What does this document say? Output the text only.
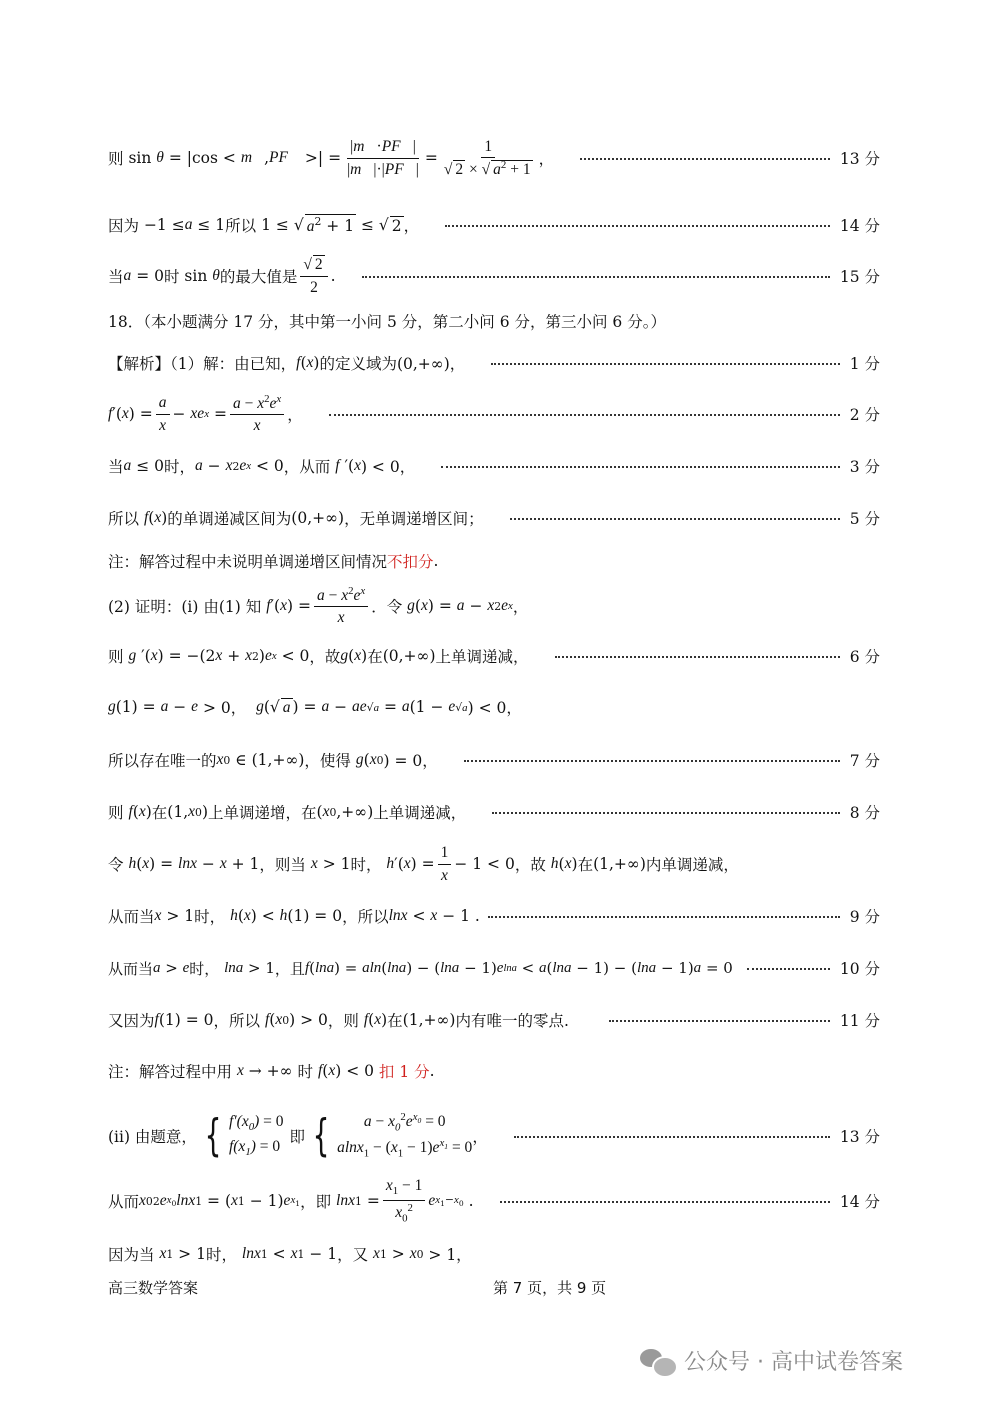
则
sin
θ = | cos < m⃗ , PF⃗ >| = $\frac{|m⃗\cdot PF⃗|}{|m⃗|\cdot|PF⃗|} = \frac{1}{√ 2 \times √ a^2 + 1}$ ，	13 分
因为 −1 ≤ a ≤ 1 所以 1 ≤ √ $a^2 + 1$ ≤ √ 2 ，	14 分
当 a = 0 时
sin
θ 的最大值是 $\frac{√ 2}{2}$ .	15 分
18．（本小题满分 17 分，其中第一小问 5 分，第二小问 6 分，第三小问 6 分。）
【解析】（1）解：由已知， f ( x ) 的定义域为 (0,+∞)，	1 分
f ′( x ) = $\frac{a}{x}$ − xe $x = \frac{a - x^2e^x}{x}$ ，	2 分
当 a ≤ 0 时， a − x 2 e x < 0 ，从而
f ′( x ) < 0，	3 分
所以
f ( x ) 的单调递减区间为 (0,+∞) ，无单调递增区间；	5 分
注：解答过程中未说明单调递增区间情况 不扣分 .
(2) 证明：(i) 由(1) 知
f ′( x ) = $\frac{a - x^2e^x}{x}$ ．令
g ( x ) = a − x 2 e x ，
则
g ′( x ) = −(2 x + x 2 ) e x < 0 ，故 g ( x ) 在 (0,+∞) 上单调递减，	6 分
g (1) = a − e > 0， g (√ a ) = a − ae √a = a (1 − e √a ) < 0，
所以存在唯一的 x 0 ∈ (1,+∞) ，使得
g ( x 0 ) = 0，	7 分
则
f ( x ) 在 (1, x 0 ) 上单调递增，在 ( x 0 ,+∞) 上单调递减，	8 分
令
h ( x ) = lnx − x + 1 ，则当
x > 1 时，
h ′( x ) = $\frac{1}{x} - 1 < 0$ ，故
h ( x ) 在 (1,+∞) 内单调递减，
从而当 x > 1 时，
h ( x ) < h (1) = 0 ，所以 lnx < x − 1 .	9 分
从而当 a > e 时，
lna > 1 ，且 f ( lna ) = aln ( lna ) − ( lna − 1) e lna < a ( lna − 1) − ( lna − 1) a = 0	10 分
又因为 f (1) = 0 ，所以
f ( x 0 ) > 0 ，则
f ( x ) 在 (1,+∞) 内有唯一的零点.	11 分
注：解答过程中用
x → +∞ 时
f ( x ) < 0 扣 1 分 .
(ii) 由题意， { $f'(x_0) = 0$
$f(x_1) = 0$
即 { $a - x_0^2e^{x_0} = 0$
$alnx_1 - (x_1 - 1)e^{x_1} = 0$
，	13 分
从而 x 0 2 e $x_0$ lnx 1 = ( x 1 − 1) e $x_1$ ，即
lnx $1 = \frac{x_1 - 1}{x_0^2}$ e $x_1-x_0$ .	14 分
因为当
x 1 > 1 时，
lnx 1 < x 1 − 1 ，又
x 1 > x 0 > 1，
高三数学答案	第 7 页，共 9 页
公众号 · 高中试卷答案
